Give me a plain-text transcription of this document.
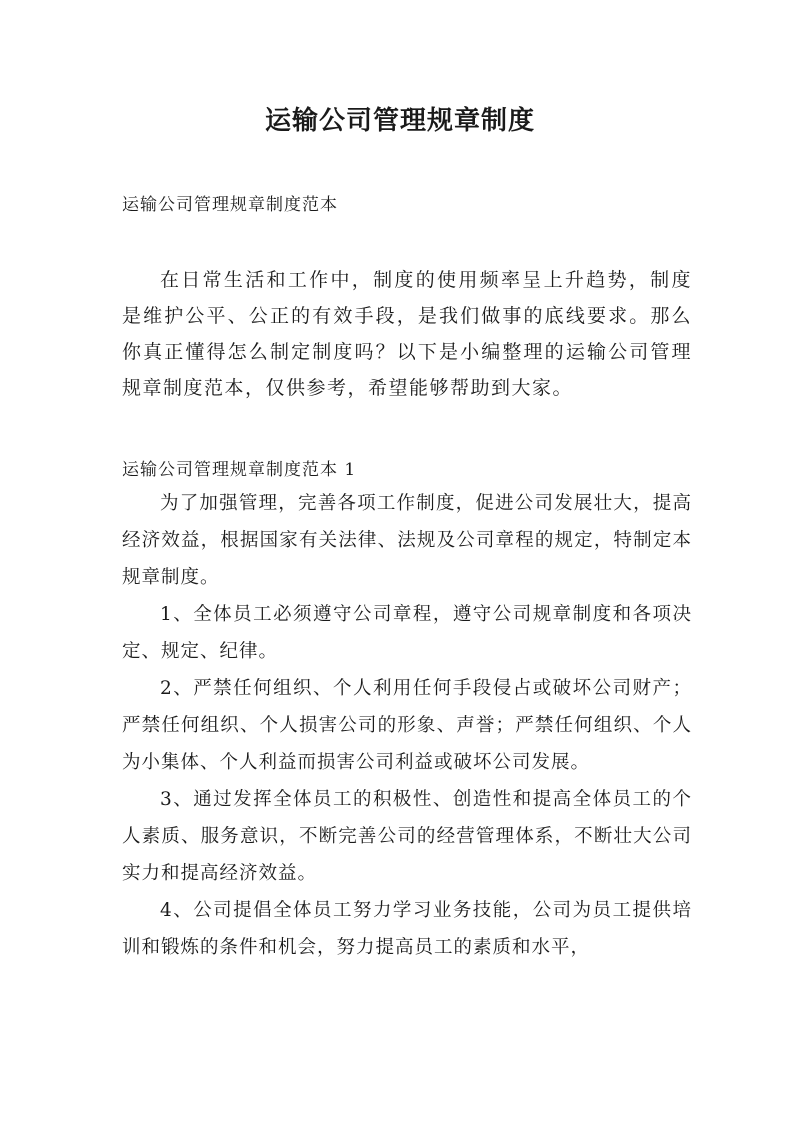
运输公司管理规章制度

运输公司管理规章制度范本

在日常生活和工作中，制度的使用频率呈上升趋势，制度是维护公平、公正的有效手段，是我们做事的底线要求。那么你真正懂得怎么制定制度吗？以下是小编整理的运输公司管理规章制度范本，仅供参考，希望能够帮助到大家。

运输公司管理规章制度范本 1

为了加强管理，完善各项工作制度，促进公司发展壮大，提高经济效益，根据国家有关法律、法规及公司章程的规定，特制定本规章制度。

1、全体员工必须遵守公司章程，遵守公司规章制度和各项决定、规定、纪律。

2、严禁任何组织、个人利用任何手段侵占或破坏公司财产；严禁任何组织、个人损害公司的形象、声誉；严禁任何组织、个人为小集体、个人利益而损害公司利益或破坏公司发展。

3、通过发挥全体员工的积极性、创造性和提高全体员工的个人素质、服务意识，不断完善公司的经营管理体系，不断壮大公司实力和提高经济效益。

4、公司提倡全体员工努力学习业务技能，公司为员工提供培训和锻炼的条件和机会，努力提高员工的素质和水平，
